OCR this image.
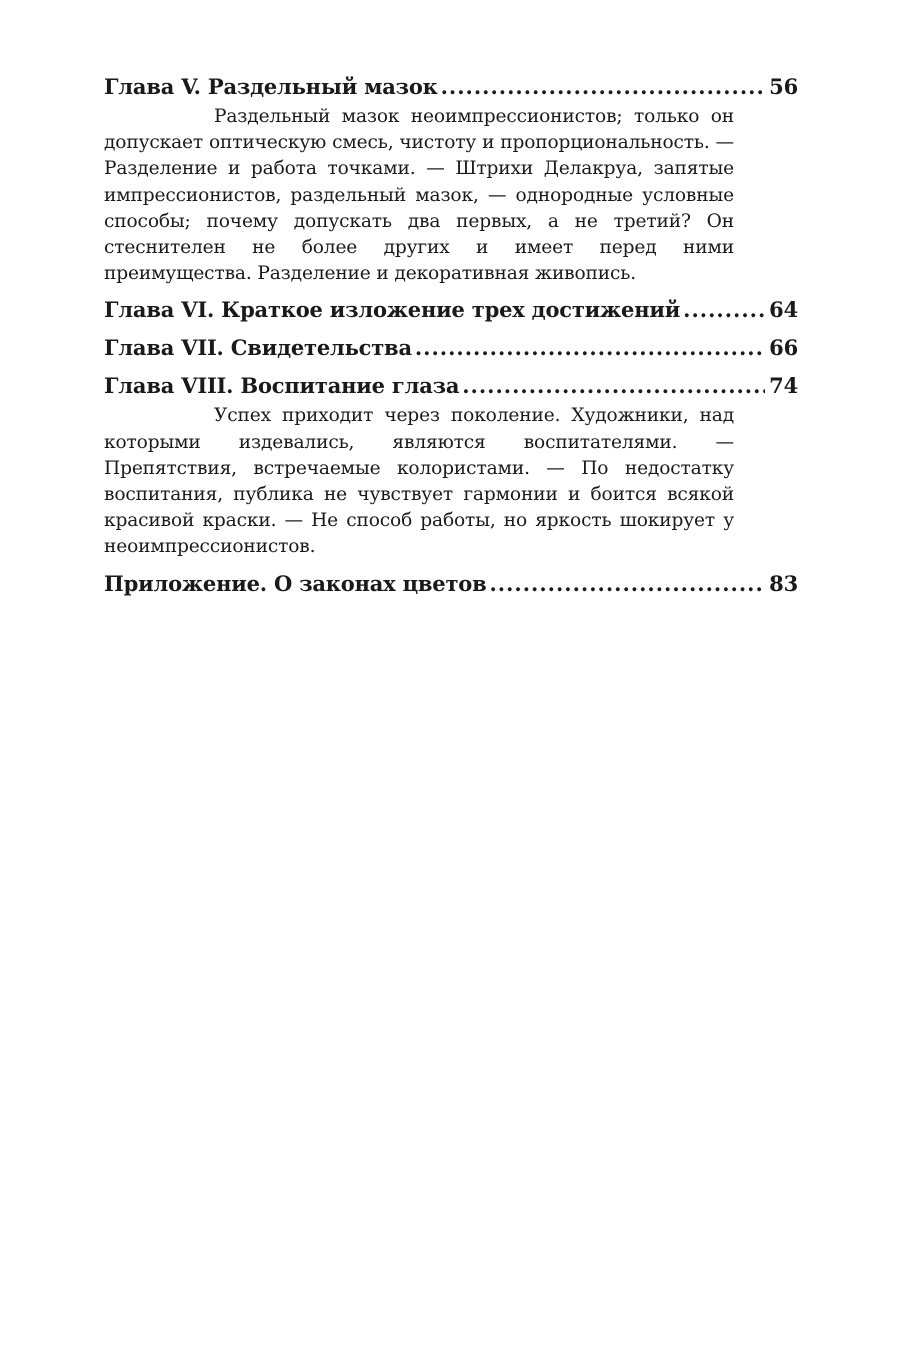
Глава V. Раздельный мазок .....	56

Раздельный мазок неоимпрессионистов; только он допускает оптическую смесь, чистоту и пропорциональность. — Разделение и работа точками. — Штрихи Делакруа, запятые импрессионистов, раздельный мазок, — однородные условные способы; почему допускать два первых, а не третий? Он стеснителен не более других и имеет перед ними преимущества. Разделение и декоративная живопись.

Глава VI. Краткое изложение трех достижений .....	64
Глава VII. Свидетельства .....	66
Глава VIII. Воспитание глаза .....	74

Успех приходит через поколение. Художники, над которыми издевались, являются воспитателями. — Препятствия, встречаемые колористами. — По недостатку воспитания, публика не чувствует гармонии и боится всякой красивой краски. — Не способ работы, но яркость шокирует у неоимпрессионистов.

Приложение. О законах цветов .....	83
